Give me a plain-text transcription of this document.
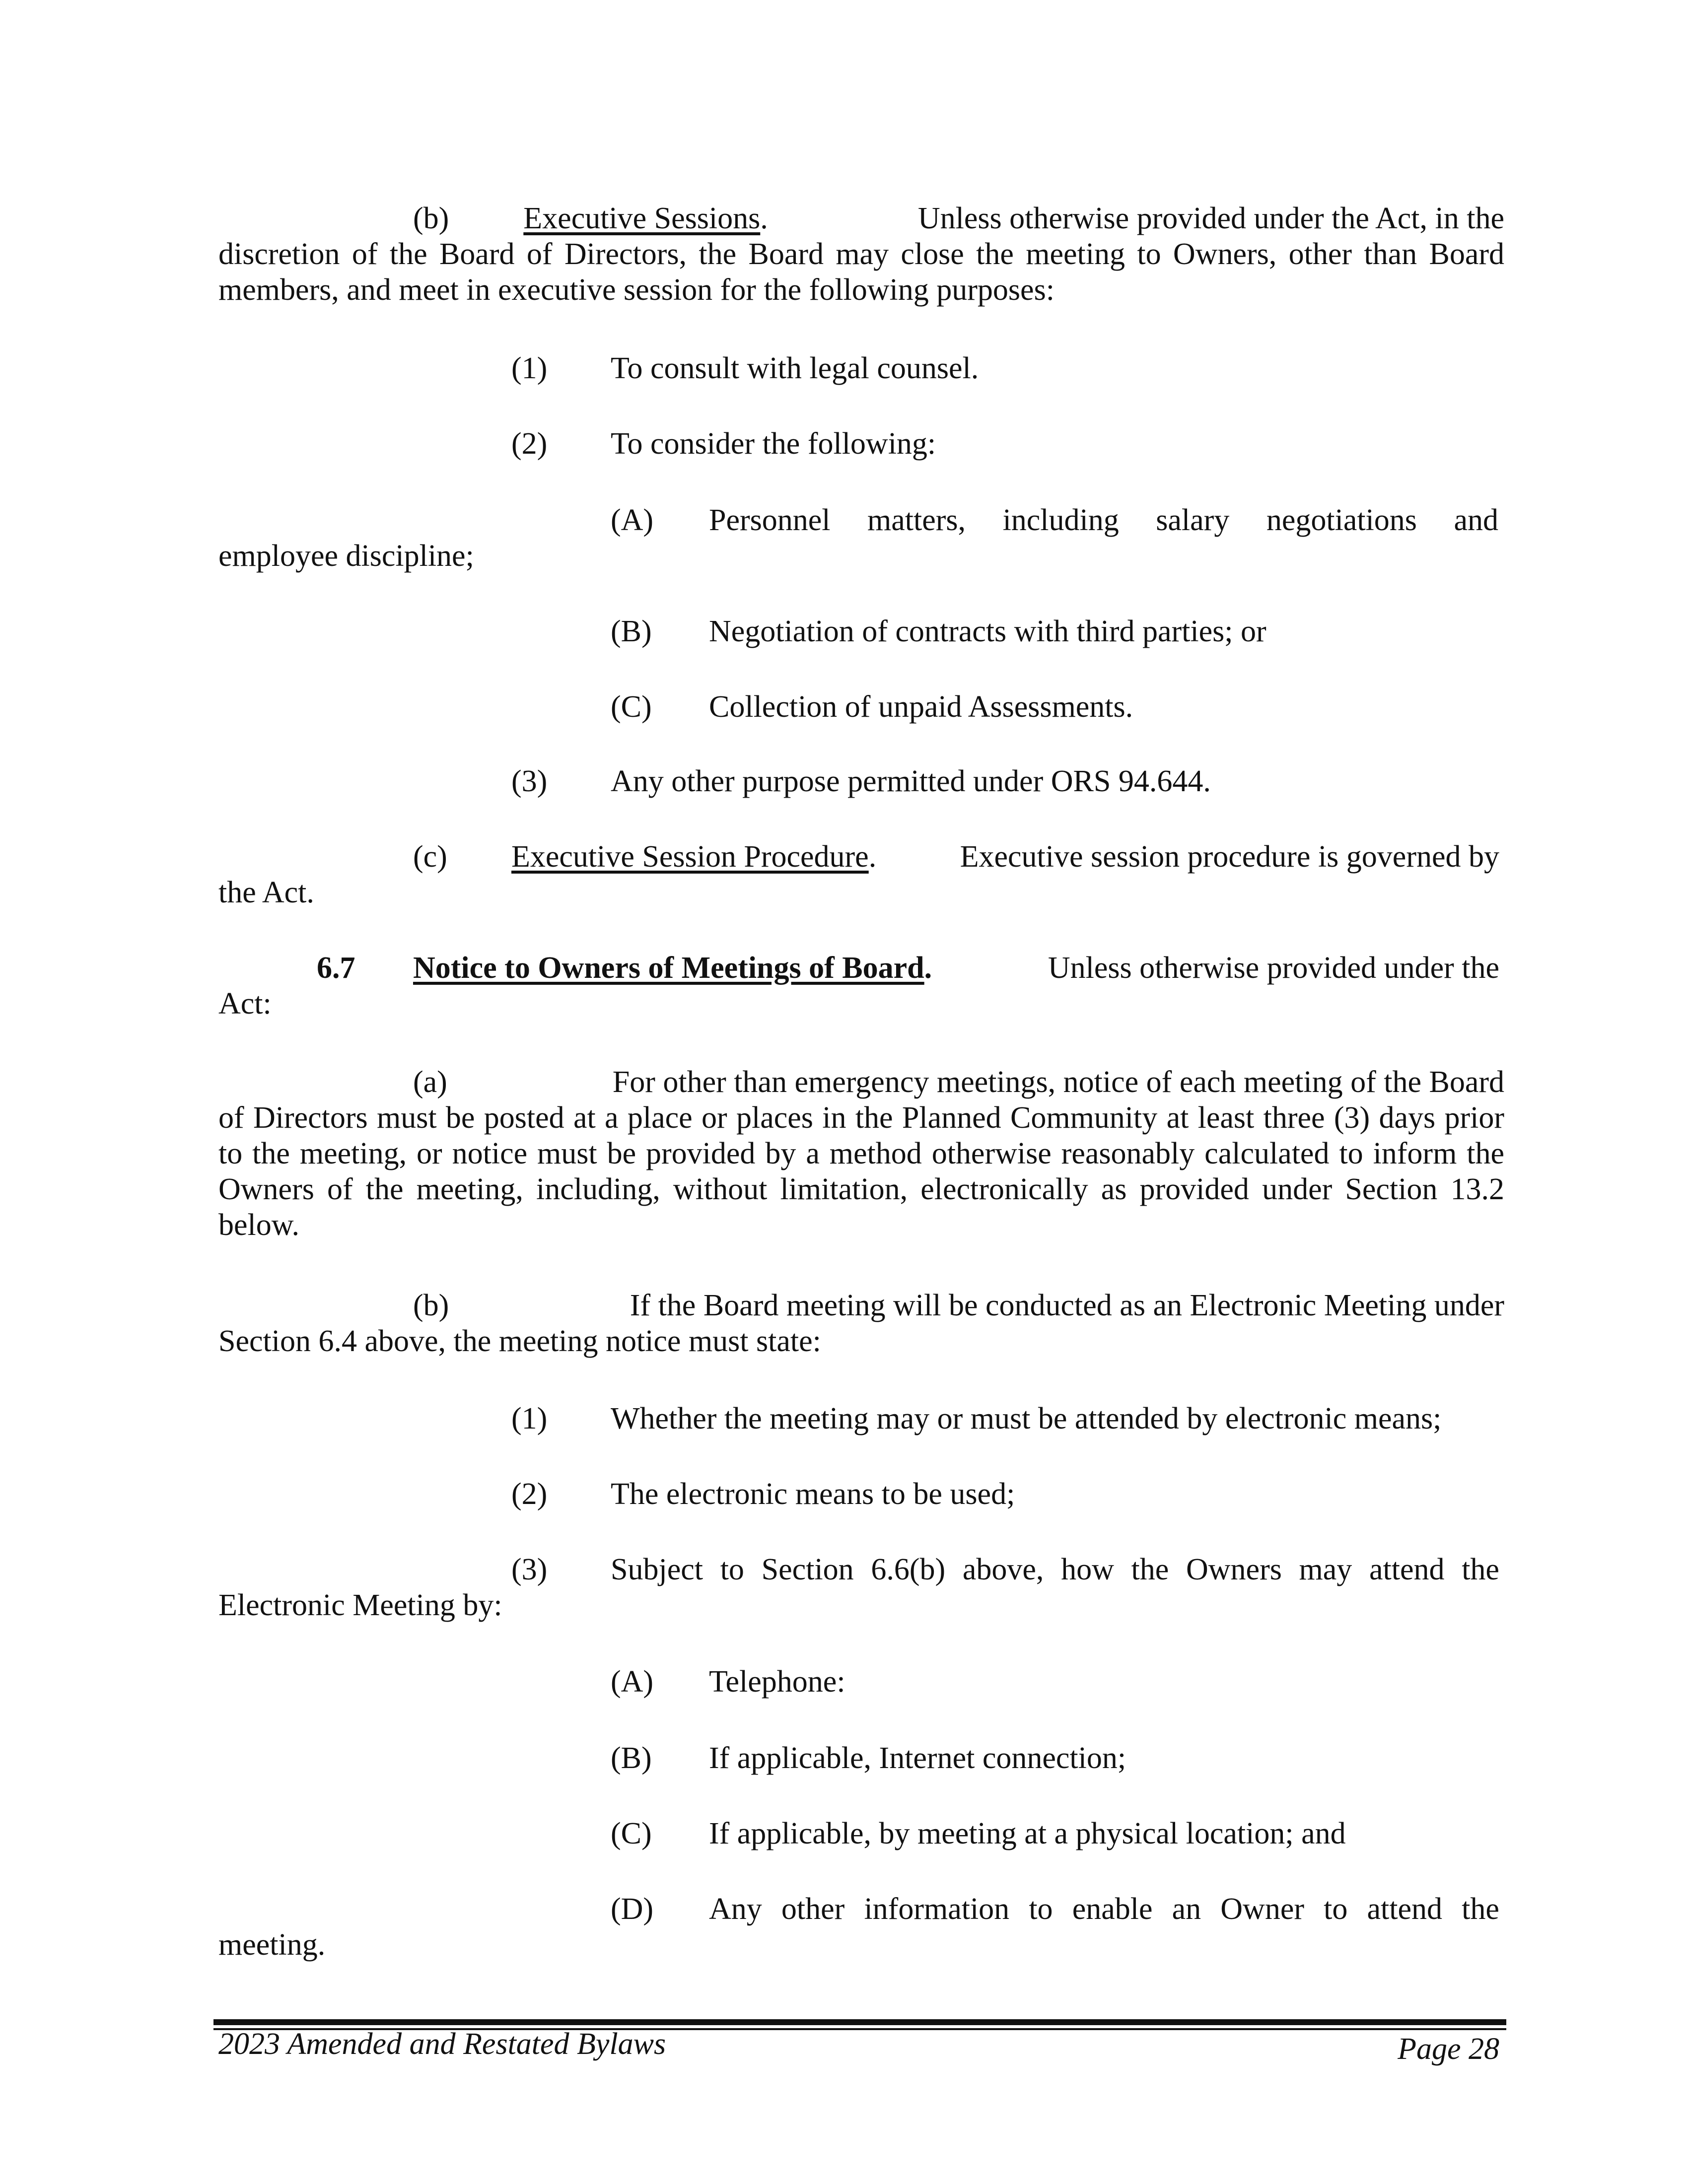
(b) Executive Sessions .	Unless otherwise provided under the Act, in the
discretion of the Board of Directors, the Board may close the meeting to Owners, other than Board members, and meet in executive session for the following purposes:
(1) To consult with legal counsel.
(2) To consider the following:
(A) Personnel matters, including salary negotiations and
employee discipline;
(B) Negotiation of contracts with third parties; or
(C) Collection of unpaid Assessments.
(3) Any other purpose permitted under ORS 94.644.
(c) Executive Session Procedure.	Executive session procedure is governed by
the Act.
6.7 Notice to Owners of Meetings of Board.	Unless otherwise provided under the
Act:
(a)	For other than emergency meetings, notice of each meeting of the Board
of Directors must be posted at a place or places in the Planned Community at least three (3) days prior to the meeting, or notice must be provided by a method otherwise reasonably calculated to inform the Owners of the meeting, including, without limitation, electronically as provided under Section 13.2 below.
(b)	If the Board meeting will be conducted as an Electronic Meeting under
Section 6.4 above, the meeting notice must state:
(1) Whether the meeting may or must be attended by electronic means;
(2) The electronic means to be used;
(3) Subject to Section 6.6(b) above, how the Owners may attend the
Electronic Meeting by:
(A) Telephone:
(B) If applicable, Internet connection;
(C) If applicable, by meeting at a physical location; and
(D) Any other information to enable an Owner to attend the
meeting.
2023 Amended and Restated Bylaws	Page 28
